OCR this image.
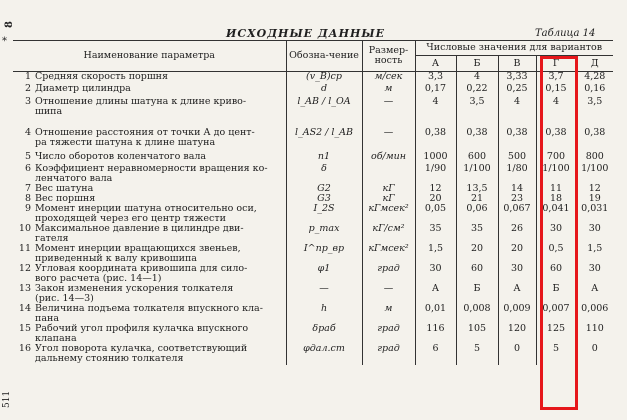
8
*
511
ИСХОДНЫЕ ДАННЫЕ	Таблица 14
Наименование параметра	Обозна-чение	Размер-ность	Числовые значения для вариантов				
			А	Б	В	Г	Д
1 Средняя скорость поршня	(v_B)ср	м/сек	3,3	4	3,33	3,7	4,28
2 Диаметр цилиндра	d	м	0,17	0,22	0,25	0,15	0,16
3 Отношение длины шатуна к длине криво-
шипа	l_AB / l_OA	—	4	3,5	4	4	3,5
4 Отношение расстояния от точки А до цент-
ра тяжести шатуна к длине шатуна	l_AS2 / l_AB	—	0,38	0,38	0,38	0,38	0,38
5 Число оборотов коленчатого вала	n1	об/мин	1000	600	500	700	800
6 Коэффициент неравномерности вращения ко-
ленчатого вала	δ		1/90	1/100	1/80	1/100	1/100
7 Вес шатуна	G2	кГ	12	13,5	14	11	12
8 Вес поршня	G3	кГ	20	21	23	18	19
9 Момент инерции шатуна относительно оси,
проходящей через его центр тяжести	I_2S	кГмсек²	0,05	0,06	0,067	0,041	0,031
10 Максимальное давление в цилиндре дви-
гателя	p_max	кГ/см²	35	35	26	30	30
11 Момент инерции вращающихся звеньев,
приведенный к валу кривошипа	I^пр_вр	кГмсек²	1,5	20	20	0,5	1,5
12 Угловая координата кривошипа для сило-
вого расчета (рис. 14—1)	φ1	град	30	60	30	60	30
13 Закон изменения ускорения толкателя
(рис. 14—3)	—	—	А	Б	А	Б	А
14 Величина подъема толкателя впускного кла-
пана	h	м	0,01	0,008	0,009	0,007	0,006
15 Рабочий угол профиля кулачка впускного
клапана	δраб	град	116	105	120	125	110
16 Угол поворота кулачка, соответствующий
дальнему стоянию толкателя	φдал.ст	град	6	5	0	5	0
